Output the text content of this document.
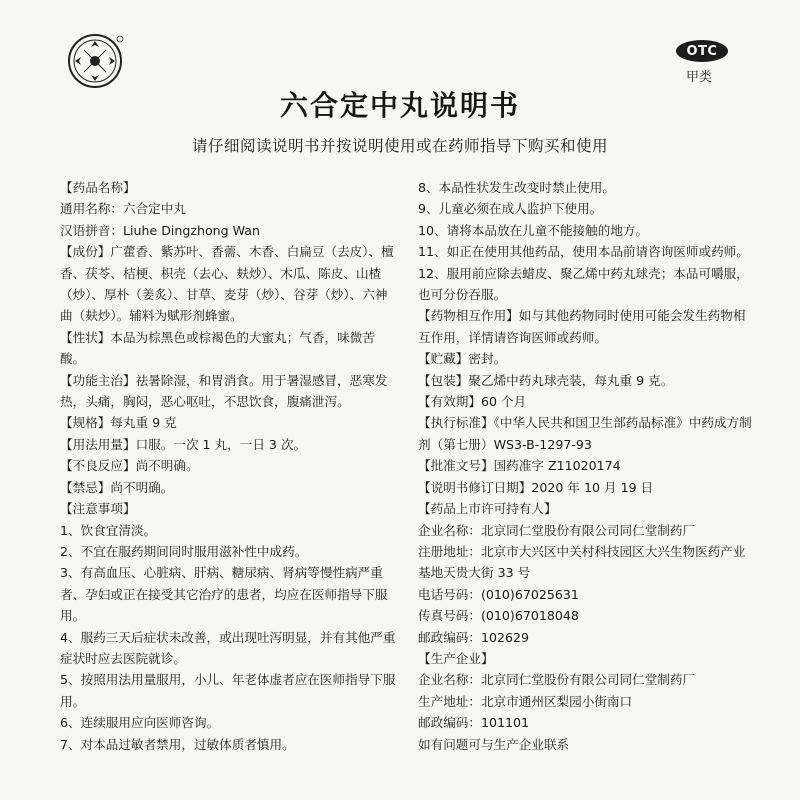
OTC
甲类
六合定中丸说明书
请仔细阅读说明书并按说明使用或在药师指导下购买和使用

【药品名称】

通用名称：六合定中丸

汉语拼音：Liuhe Dingzhong Wan

【成份】广藿香、紫苏叶、香薷、木香、白扁豆（去皮）、檀香、茯苓、桔梗、枳壳（去心、麸炒）、木瓜、陈皮、山楂（炒）、厚朴（姜炙）、甘草、麦芽（炒）、谷芽（炒）、六神曲（麸炒）。辅料为赋形剂蜂蜜。

【性状】本品为棕黑色或棕褐色的大蜜丸；气香，味微苦酸。

【功能主治】祛暑除湿，和胃消食。用于暑湿感冒，恶寒发热，头痛，胸闷，恶心呕吐，不思饮食，腹痛泄泻。

【规格】每丸重 9 克

【用法用量】口服。一次 1 丸，一日 3 次。

【不良反应】尚不明确。

【禁忌】尚不明确。

【注意事项】

1、饮食宜清淡。

2、不宜在服药期间同时服用滋补性中成药。

3、有高血压、心脏病、肝病、糖尿病、肾病等慢性病严重者、孕妇或正在接受其它治疗的患者，均应在医师指导下服用。

4、服药三天后症状未改善，或出现吐泻明显，并有其他严重症状时应去医院就诊。

5、按照用法用量服用，小儿、年老体虚者应在医师指导下服用。

6、连续服用应向医师咨询。

7、对本品过敏者禁用，过敏体质者慎用。

8、本品性状发生改变时禁止使用。

9、儿童必须在成人监护下使用。

10、请将本品放在儿童不能接触的地方。

11、如正在使用其他药品，使用本品前请咨询医师或药师。

12、服用前应除去蜡皮、聚乙烯中药丸球壳；本品可嚼服，也可分份吞服。

【药物相互作用】如与其他药物同时使用可能会发生药物相互作用，详情请咨询医师或药师。

【贮藏】密封。

【包装】聚乙烯中药丸球壳装，每丸重 9 克。

【有效期】60 个月

【执行标准】《中华人民共和国卫生部药品标准》中药成方制剂（第七册）WS3-B-1297-93

【批准文号】国药准字 Z11020174

【说明书修订日期】2020 年 10 月 19 日

【药品上市许可持有人】

企业名称：北京同仁堂股份有限公司同仁堂制药厂

注册地址：北京市大兴区中关村科技园区大兴生物医药产业基地天贵大街 33 号

电话号码：(010)67025631

传真号码：(010)67018048

邮政编码：102629

【生产企业】

企业名称：北京同仁堂股份有限公司同仁堂制药厂

生产地址：北京市通州区梨园小街南口

邮政编码：101101

如有问题可与生产企业联系
